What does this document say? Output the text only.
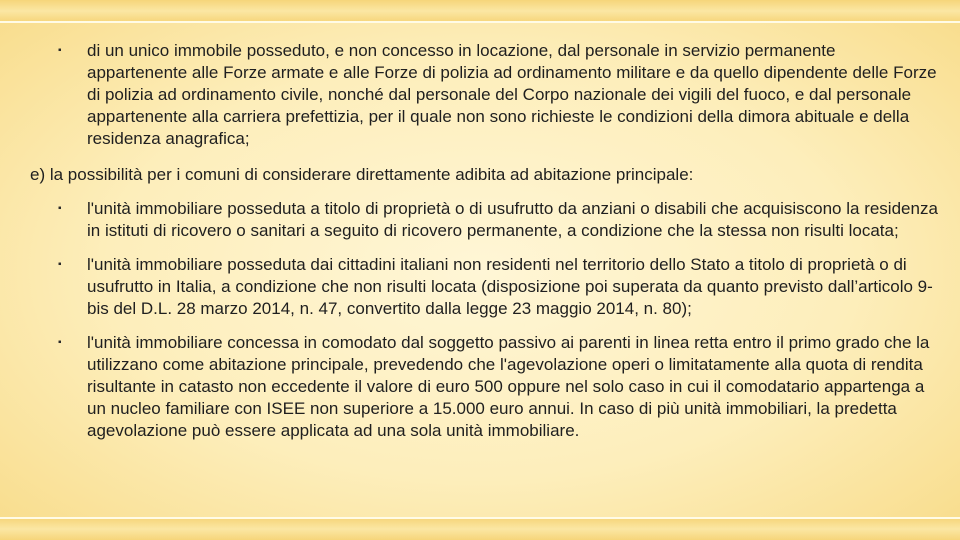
▪ di un unico immobile posseduto, e non concesso in locazione, dal personale in servizio permanente appartenente alle Forze armate e alle Forze di polizia ad ordinamento militare e da quello dipendente delle Forze di polizia ad ordinamento civile, nonché dal personale del Corpo nazionale dei vigili del fuoco, e dal personale appartenente alla carriera prefettizia, per il quale non sono richieste le condizioni della dimora abituale e della residenza anagrafica;
e) la possibilità per i comuni di considerare direttamente adibita ad abitazione principale:
▪ l'unità immobiliare posseduta a titolo di proprietà o di usufrutto da anziani o disabili che acquisiscono la residenza in istituti di ricovero o sanitari a seguito di ricovero permanente, a condizione che la stessa non risulti locata;
▪ l'unità immobiliare posseduta dai cittadini italiani non residenti nel territorio dello Stato a titolo di proprietà o di usufrutto in Italia, a condizione che non risulti locata (disposizione poi superata da quanto previsto dall’articolo 9-bis del D.L. 28 marzo 2014, n. 47, convertito dalla legge 23 maggio 2014, n. 80);
▪ l'unità immobiliare concessa in comodato dal soggetto passivo ai parenti in linea retta entro il primo grado che la utilizzano come abitazione principale, prevedendo che l'agevolazione operi o limitatamente alla quota di rendita risultante in catasto non eccedente il valore di euro 500 oppure nel solo caso in cui il comodatario appartenga a un nucleo familiare con ISEE non superiore a 15.000 euro annui. In caso di più unità immobiliari, la predetta agevolazione può essere applicata ad una sola unità immobiliare.
